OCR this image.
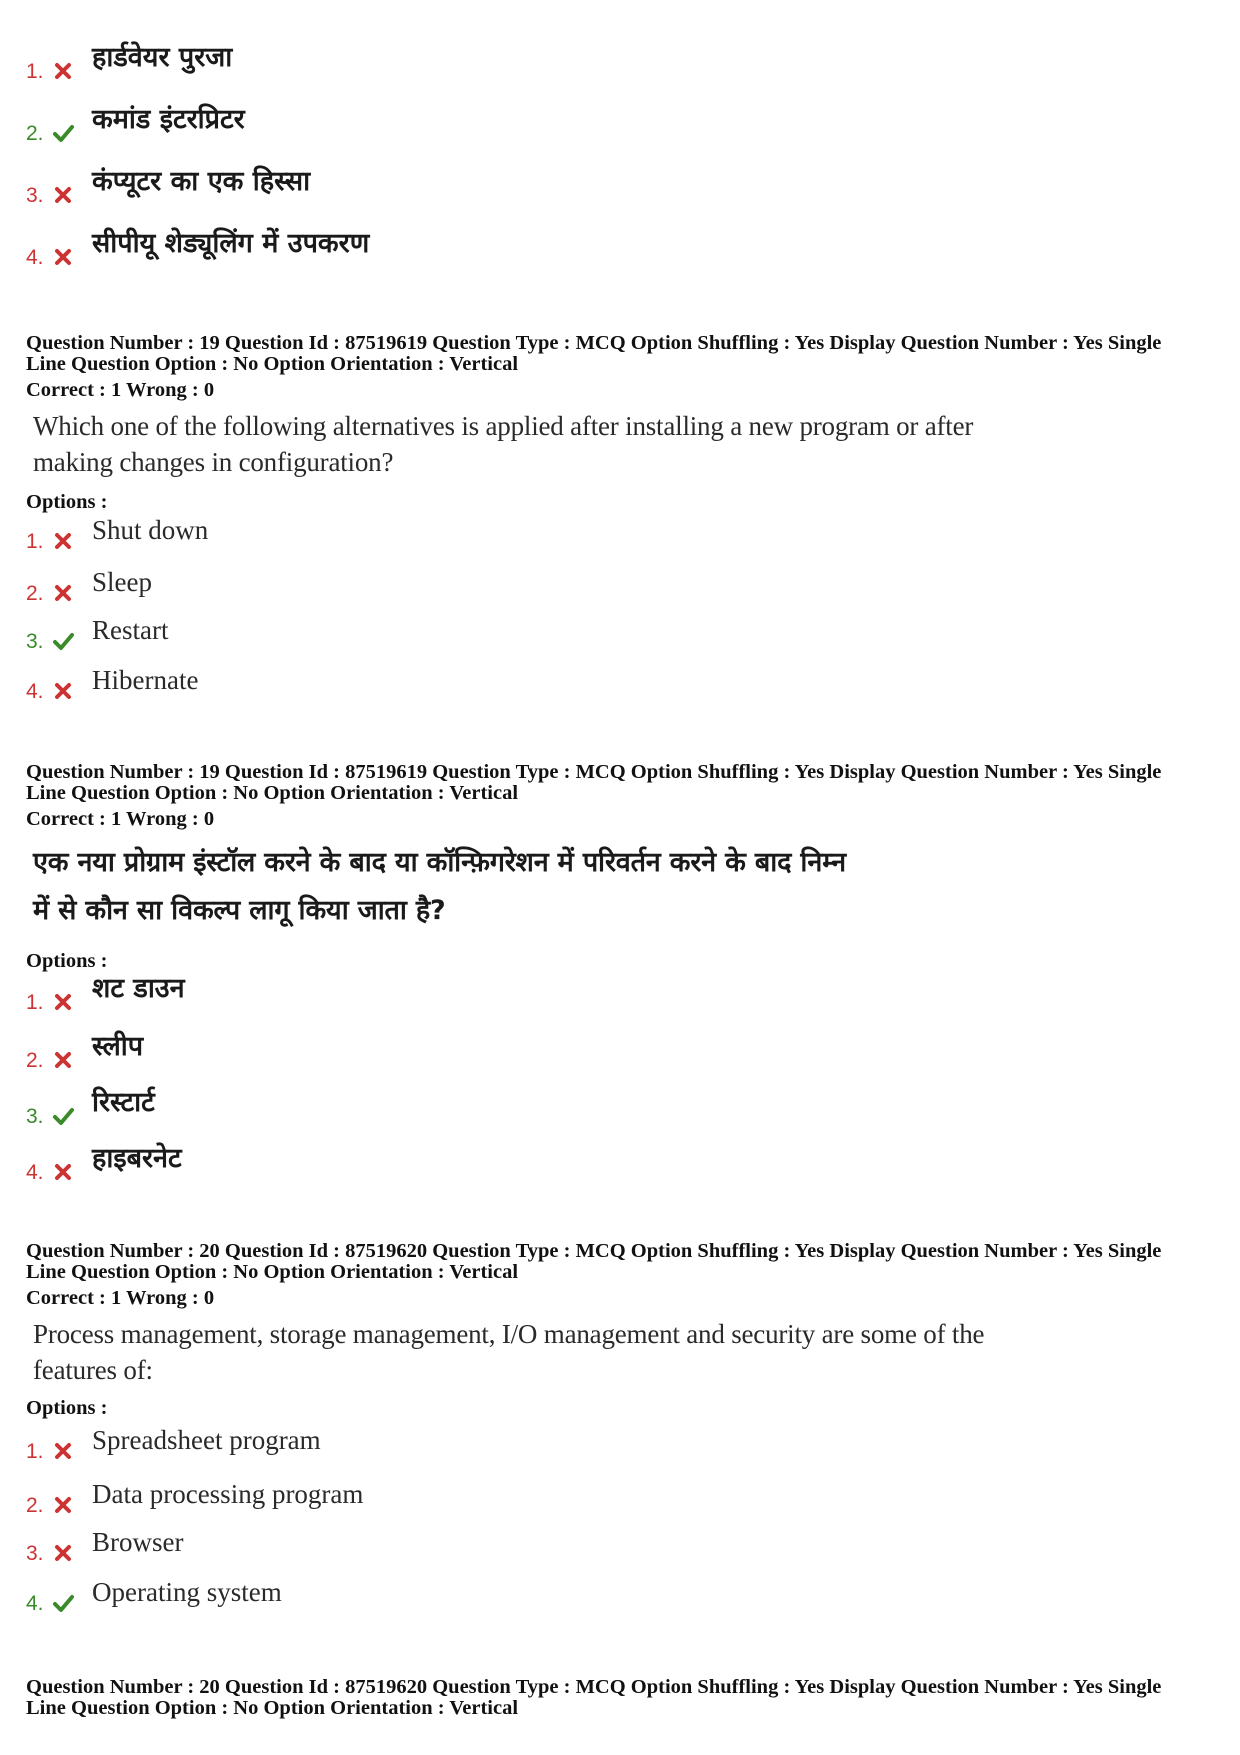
1. हार्डवेयर पुरजा
2. कमांड इंटरप्रिटर
3. कंप्यूटर का एक हिस्सा
4. सीपीयू शेड्यूलिंग में उपकरण
Question Number : 19 Question Id : 87519619 Question Type : MCQ Option Shuffling : Yes Display Question Number : Yes Single
Line Question Option : No Option Orientation : Vertical
Correct : 1 Wrong : 0
Which one of the following alternatives is applied after installing a new program or after
making changes in configuration?
Options :
1. Shut down
2. Sleep
3. Restart
4. Hibernate
Question Number : 19 Question Id : 87519619 Question Type : MCQ Option Shuffling : Yes Display Question Number : Yes Single
Line Question Option : No Option Orientation : Vertical
Correct : 1 Wrong : 0
एक नया प्रोग्राम इंस्टॉल करने के बाद या कॉन्फ़िगरेशन में परिवर्तन करने के बाद निम्न
में से कौन सा विकल्प लागू किया जाता है?
Options :
1. शट डाउन
2. स्लीप
3. रिस्टार्ट
4. हाइबरनेट
Question Number : 20 Question Id : 87519620 Question Type : MCQ Option Shuffling : Yes Display Question Number : Yes Single
Line Question Option : No Option Orientation : Vertical
Correct : 1 Wrong : 0
Process management, storage management, I/O management and security are some of the
features of:
Options :
1. Spreadsheet program
2. Data processing program
3. Browser
4. Operating system
Question Number : 20 Question Id : 87519620 Question Type : MCQ Option Shuffling : Yes Display Question Number : Yes Single
Line Question Option : No Option Orientation : Vertical
